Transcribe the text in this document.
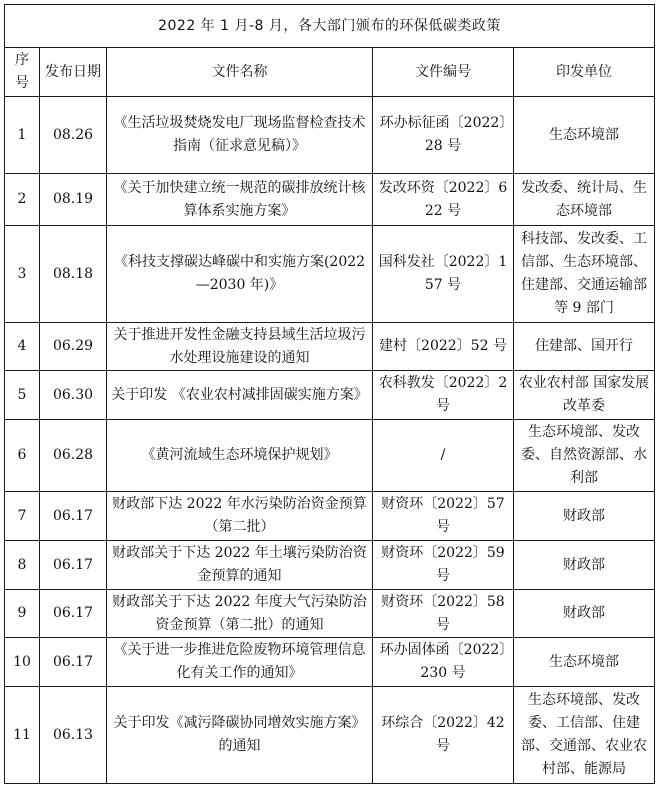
2022 年 1 月-8 月，各大部门颁布的环保低碳类政策				
序号	发布日期	文件名称	文件编号	印发单位
1	08.26	《生活垃圾焚烧发电厂现场监督检查技术指南（征求意见稿）》	环办标征函〔2022〕28 号	生态环境部
2	08.19	《关于加快建立统一规范的碳排放统计核算体系实施方案》	发改环资〔2022〕622 号	发改委、统计局、生态环境部
3	08.18	《科技支撑碳达峰碳中和实施方案(2022—2030 年)》	国科发社〔2022〕157 号	科技部、发改委、工信部、生态环境部、住建部、交通运输部等 9 部门
4	06.29	关于推进开发性金融支持县域生活垃圾污水处理设施建设的通知	建村〔2022〕52 号	住建部、国开行
5	06.30	关于印发 《农业农村减排固碳实施方案》	农科教发〔2022〕2 号	农业农村部 国家发展改革委
6	06.28	《黄河流域生态环境保护规划》	/	生态环境部、发改委、自然资源部、水利部
7	06.17	财政部下达 2022 年水污染防治资金预算（第二批）	财资环〔2022〕57 号	财政部
8	06.17	财政部关于下达 2022 年土壤污染防治资金预算的通知	财资环〔2022〕59 号	财政部
9	06.17	财政部关于下达 2022 年度大气污染防治资金预算（第二批）的通知	财资环〔2022〕58 号	财政部
10	06.17	《关于进一步推进危险废物环境管理信息化有关工作的通知》	环办固体函〔2022〕230 号	生态环境部
11	06.13	关于印发《减污降碳协同增效实施方案》的通知	环综合〔2022〕42 号	生态环境部、发改委、工信部、住建部、交通部、农业农村部、能源局
